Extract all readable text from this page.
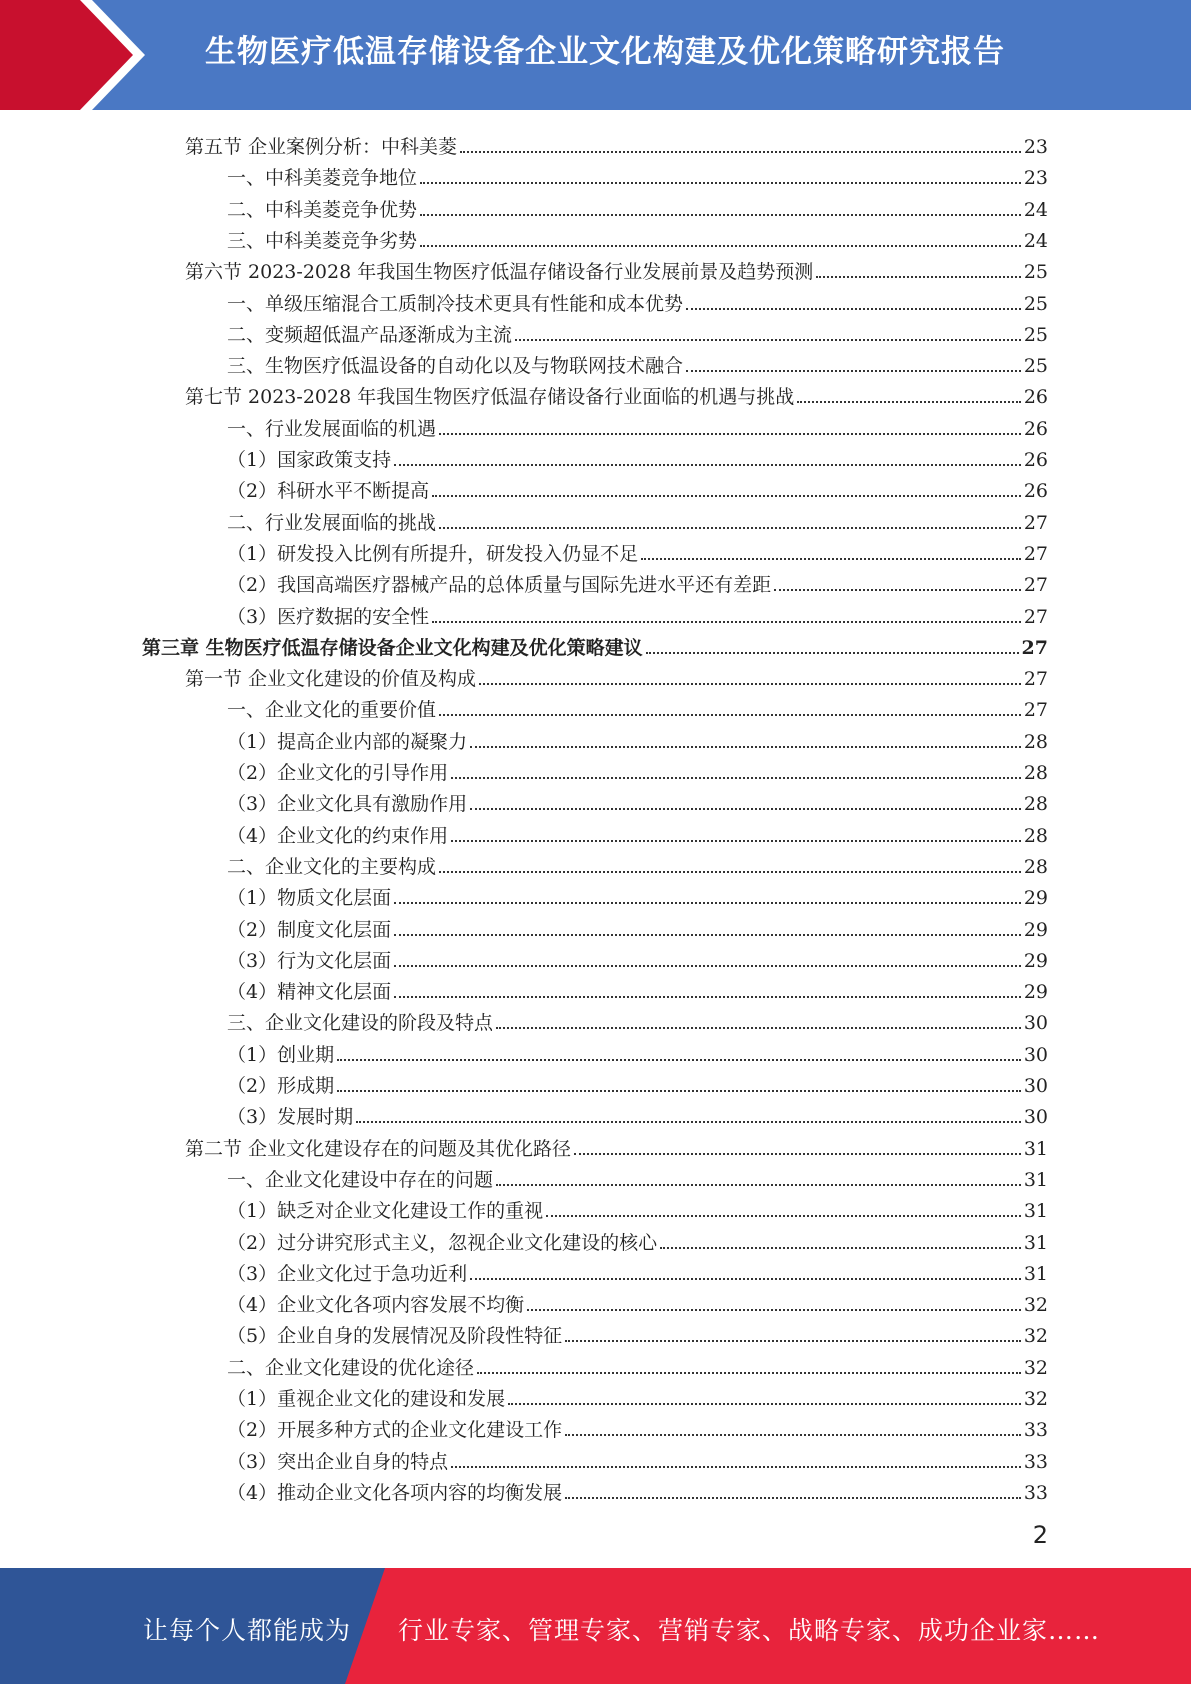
生物医疗低温存储设备企业文化构建及优化策略研究报告
第五节 企业案例分析：中科美菱	23
一、中科美菱竞争地位	23
二、中科美菱竞争优势	24
三、中科美菱竞争劣势	24
第六节 2023-2028 年我国生物医疗低温存储设备行业发展前景及趋势预测	25
一、单级压缩混合工质制冷技术更具有性能和成本优势	25
二、变频超低温产品逐渐成为主流	25
三、生物医疗低温设备的自动化以及与物联网技术融合	25
第七节 2023-2028 年我国生物医疗低温存储设备行业面临的机遇与挑战	26
一、行业发展面临的机遇	26
（1）国家政策支持	26
（2）科研水平不断提高	26
二、行业发展面临的挑战	27
（1）研发投入比例有所提升，研发投入仍显不足	27
（2）我国高端医疗器械产品的总体质量与国际先进水平还有差距	27
（3）医疗数据的安全性	27
第三章 生物医疗低温存储设备企业文化构建及优化策略建议	27
第一节 企业文化建设的价值及构成	27
一、企业文化的重要价值	27
（1）提高企业内部的凝聚力	28
（2）企业文化的引导作用	28
（3）企业文化具有激励作用	28
（4）企业文化的约束作用	28
二、企业文化的主要构成	28
（1）物质文化层面	29
（2）制度文化层面	29
（3）行为文化层面	29
（4）精神文化层面	29
三、企业文化建设的阶段及特点	30
（1）创业期	30
（2）形成期	30
（3）发展时期	30
第二节 企业文化建设存在的问题及其优化路径	31
一、企业文化建设中存在的问题	31
（1）缺乏对企业文化建设工作的重视	31
（2）过分讲究形式主义，忽视企业文化建设的核心	31
（3）企业文化过于急功近利	31
（4）企业文化各项内容发展不均衡	32
（5）企业自身的发展情况及阶段性特征	32
二、企业文化建设的优化途径	32
（1）重视企业文化的建设和发展	32
（2）开展多种方式的企业文化建设工作	33
（3）突出企业自身的特点	33
（4）推动企业文化各项内容的均衡发展	33
2
让每个人都能成为 行业专家、管理专家、营销专家、战略专家、成功企业家……
